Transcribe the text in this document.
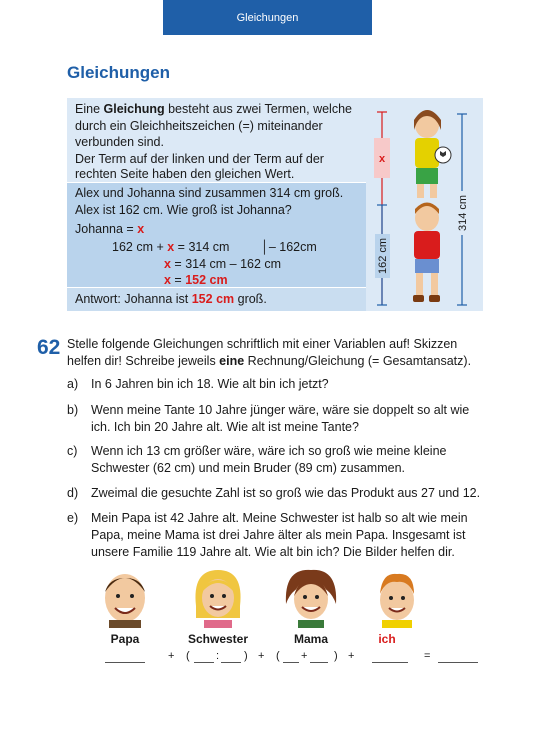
Gleichungen
Gleichungen
Eine Gleichung besteht aus zwei Termen, welche
durch ein Gleichheitszeichen (=) miteinander
verbunden sind.
Der Term auf der linken und der Term auf der
rechten Seite haben den gleichen Wert.
Alex und Johanna sind zusammen 314 cm groß.
Alex ist 162 cm. Wie groß ist Johanna?
Johanna = x
162 cm + x = 314 cm	│– 162cm
x = 314 cm – 162 cm
x = 152 cm
Antwort: Johanna ist 152 cm groß.
x
162 cm
314 cm
62 Stelle folgende Gleichungen schriftlich mit einer Variablen auf! Skizzen
helfen dir! Schreibe jeweils eine Rechnung/Gleichung (= Gesamtansatz).
a)	In 6 Jahren bin ich 18. Wie alt bin ich jetzt?
b)	Wenn meine Tante 10 Jahre jünger wäre, wäre sie doppelt so alt wie ich. Ich bin 20 Jahre alt. Wie alt ist meine Tante?
c)	Wenn ich 13 cm größer wäre, wäre ich so groß wie meine kleine Schwester (62 cm) und mein Bruder (89 cm) zusammen.
d)	Zweimal die gesuchte Zahl ist so groß wie das Produkt aus 27 und 12.
e)	Mein Papa ist 42 Jahre alt. Meine Schwester ist halb so alt wie mein Papa, meine Mama ist drei Jahre älter als mein Papa. Insgesamt ist unsere Familie 119 Jahre alt. Wie alt bin ich? Die Bilder helfen dir.
Papa	Schwester	Mama	ich
+ ( : ) + ( + ) +	=
